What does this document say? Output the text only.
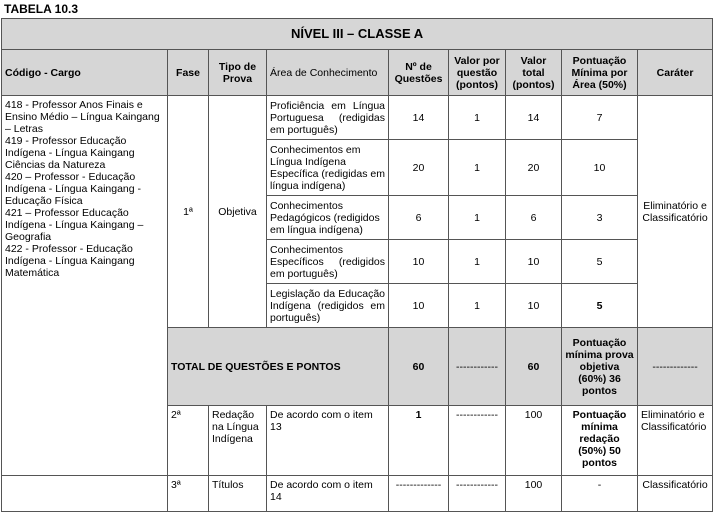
TABELA 10.3
NÍVEL III – CLASSE A								
Código - Cargo	Fase	Tipo de Prova	Área de Conhecimento	Nº de Questões	Valor por questão (pontos)	Valor total (pontos)	Pontuação Mínima por Área (50%)	Caráter

418 - Professor Anos Finais e Ensino Médio – Língua Kaingang – Letras
419 - Professor Educação Indígena - Língua Kaingang Ciências da Natureza
420 – Professor - Educação Indígena - Língua Kaingang - Educação Física
421 – Professor Educação Indígena - Língua Kaingang – Geografia
422 - Professor - Educação Indígena - Língua Kaingang Matemática	1ª	Objetiva	Proficiência em Língua Portuguesa (redigidas em português)	14	1	14	7	Eliminatório e Classificatório
			Conhecimentos em Língua Indígena Específica (redigidas em língua indígena)	20	1	20	10	
			Conhecimentos Pedagógicos (redigidos em língua indígena)	6	1	6	3	
			Conhecimentos Específicos (redigidos em português)	10	1	10	5	
			Legislação da Educação Indígena (redigidos em português)	10	1	10	5	
	TOTAL DE QUESTÕES E PONTOS			60	------------	60	Pontuação mínima prova objetiva (60%) 36 pontos	-------------
	2ª	Redação na Língua Indígena	De acordo com o item 13	1	------------	100	Pontuação mínima redação (50%) 50 pontos	Eliminatório e Classificatório
	3ª	Títulos	De acordo com o item 14	-------------	------------	100	-	Classificatório
